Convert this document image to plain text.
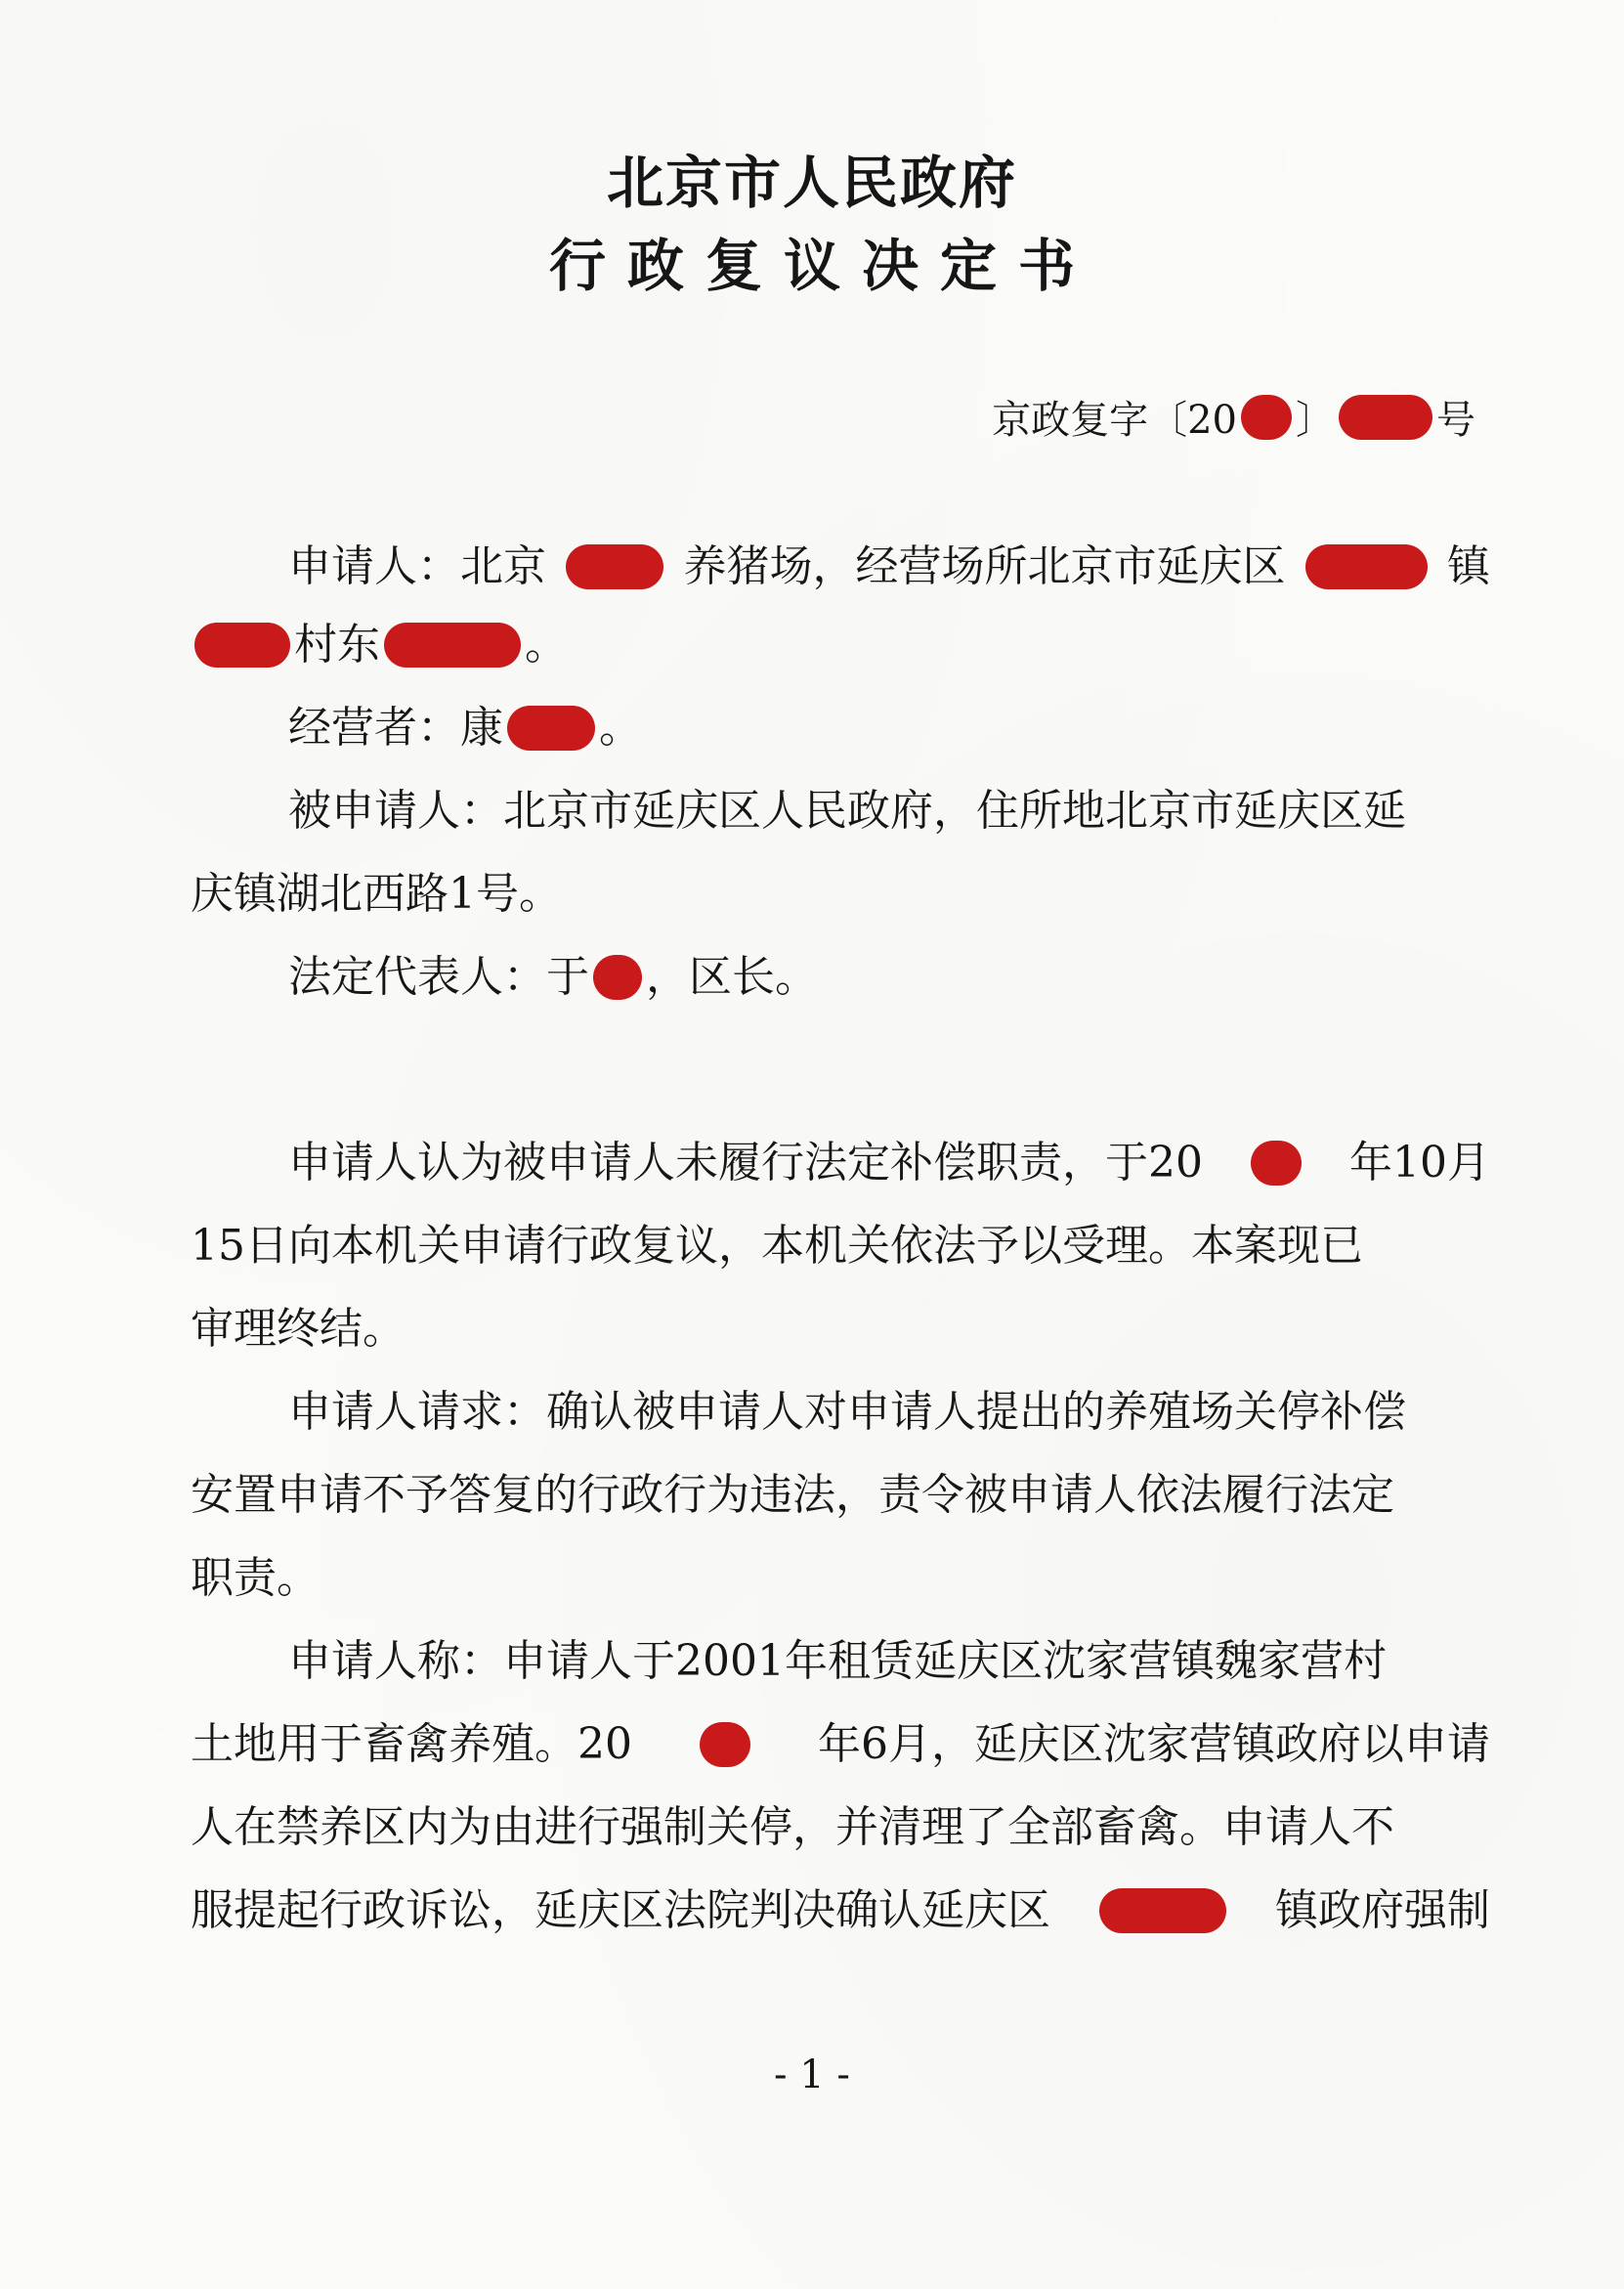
北京市人民政府
行政复议决定书

京政复字〔20 〕	号

申请人：北京	养猪场，经营场所北京市延庆区	镇

村东	。

经营者：康 。

被申请人：北京市延庆区人民政府，住所地北京市延庆区延

庆镇湖北西路1号。

法定代表人：于 ，区长。

申请人认为被申请人未履行法定补偿职责，于20	年10月

15日向本机关申请行政复议，本机关依法予以受理。本案现已

审理终结。

申请人请求：确认被申请人对申请人提出的养殖场关停补偿

安置申请不予答复的行政行为违法，责令被申请人依法履行法定

职责。

申请人称：申请人于2001年租赁延庆区沈家营镇魏家营村

土地用于畜禽养殖。20	年6月，延庆区沈家营镇政府以申请

人在禁养区内为由进行强制关停，并清理了全部畜禽。申请人不

服提起行政诉讼，延庆区法院判决确认延庆区	镇政府强制

- 1 -
